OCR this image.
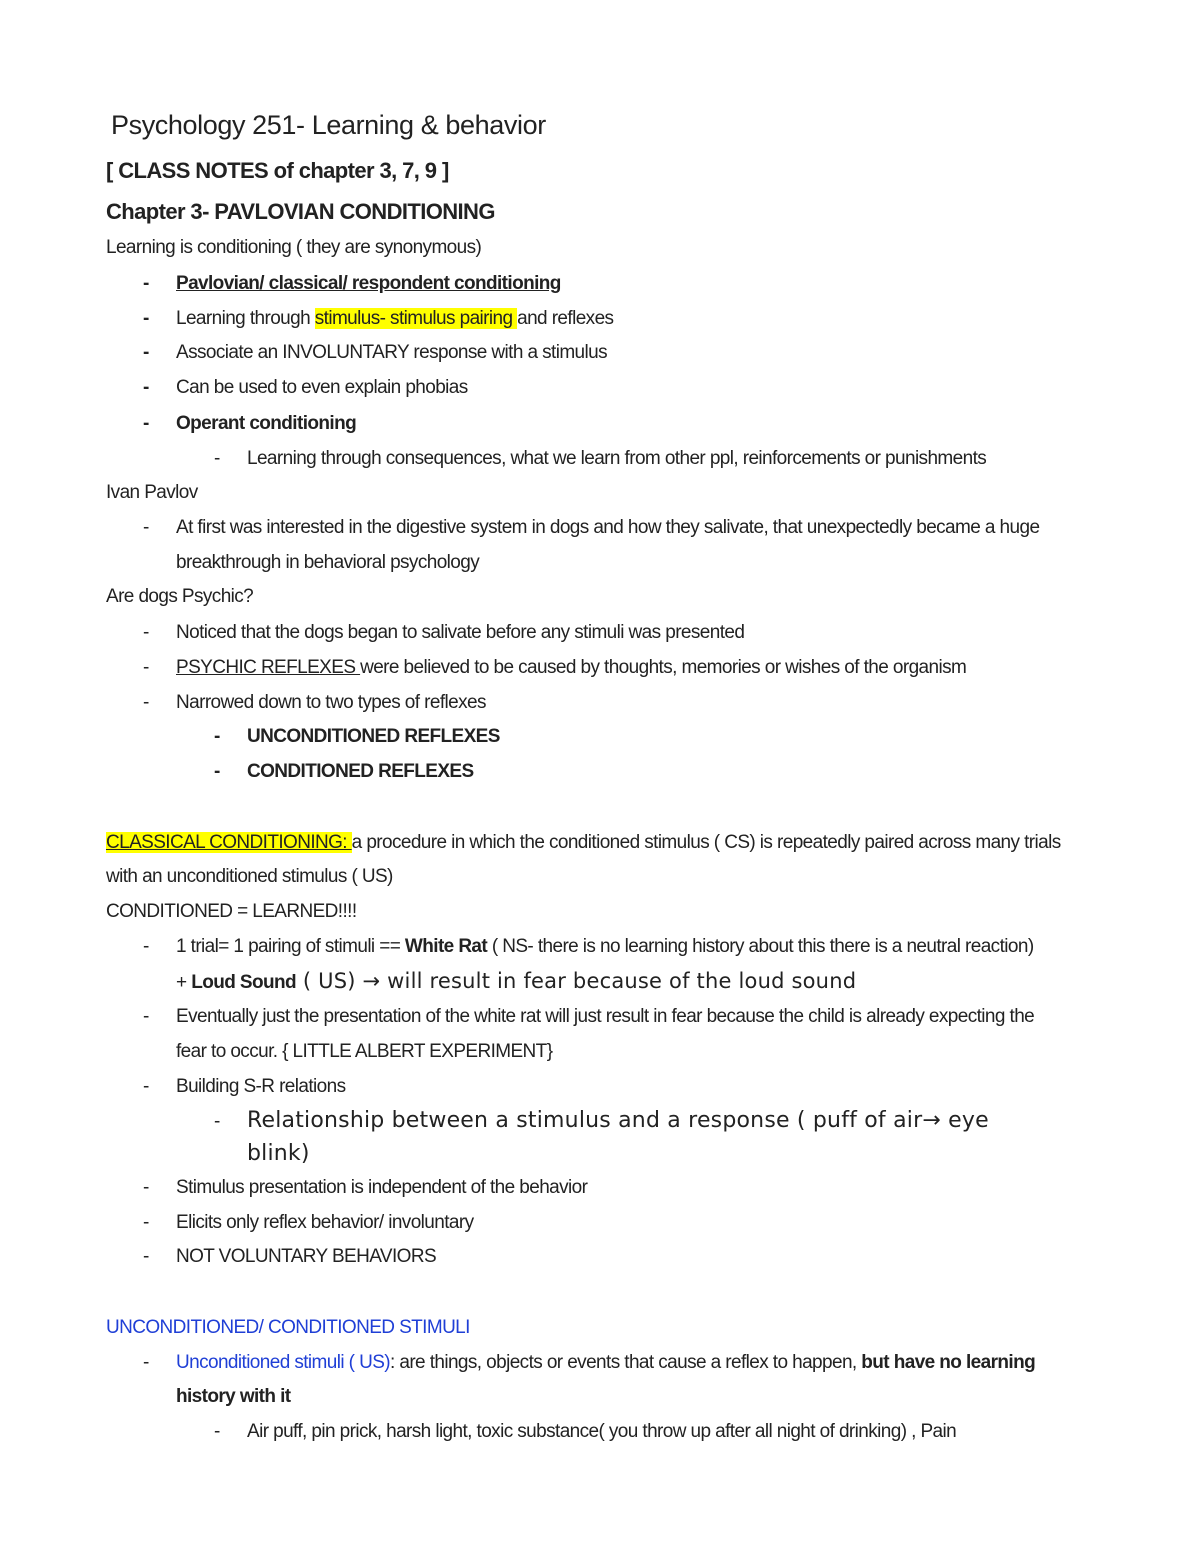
Psychology 251- Learning & behavior
[ CLASS NOTES of chapter 3, 7, 9 ]
Chapter 3- PAVLOVIAN CONDITIONING
Learning is conditioning ( they are synonymous)
- Pavlovian/ classical/ respondent conditioning
- Learning through stimulus- stimulus pairing and reflexes
- Associate an INVOLUNTARY response with a stimulus
- Can be used to even explain phobias
- Operant conditioning
- Learning through consequences, what we learn from other ppl, reinforcements or punishments
Ivan Pavlov
- At first was interested in the digestive system in dogs and how they salivate, that unexpectedly became a huge
breakthrough in behavioral psychology
Are dogs Psychic?
- Noticed that the dogs began to salivate before any stimuli was presented
- PSYCHIC REFLEXES were believed to be caused by thoughts, memories or wishes of the organism
- Narrowed down to two types of reflexes
- UNCONDITIONED REFLEXES
- CONDITIONED REFLEXES
CLASSICAL CONDITIONING: a procedure in which the conditioned stimulus ( CS) is repeatedly paired across many trials
with an unconditioned stimulus ( US)
CONDITIONED = LEARNED!!!!
- 1 trial= 1 pairing of stimuli == White Rat ( NS- there is no learning history about this there is a neutral reaction)
+ Loud Sound ( US) → will result in fear because of the loud sound
- Eventually just the presentation of the white rat will just result in fear because the child is already expecting the
fear to occur. { LITTLE ALBERT EXPERIMENT}
- Building S-R relations
- Relationship between a stimulus and a response ( puff of air→ eye
blink)
- Stimulus presentation is independent of the behavior
- Elicits only reflex behavior/ involuntary
- NOT VOLUNTARY BEHAVIORS
UNCONDITIONED/ CONDITIONED STIMULI
- Unconditioned stimuli ( US): are things, objects or events that cause a reflex to happen, but have no learning
history with it
- Air puff, pin prick, harsh light, toxic substance( you throw up after all night of drinking) , Pain
